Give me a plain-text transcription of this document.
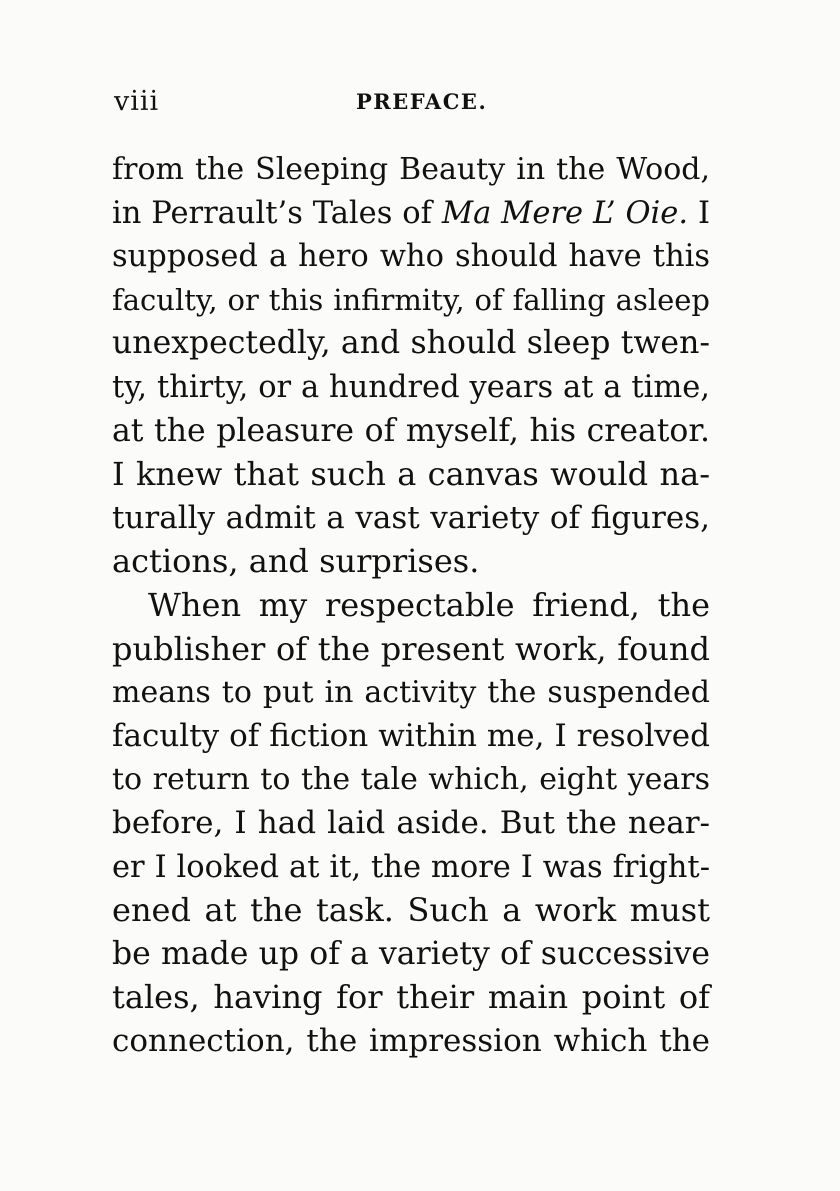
viii	PREFACE.
from the Sleeping Beauty in the Wood,
in Perrault’s Tales of Ma Mere L’ Oie. I
supposed a hero who should have this
faculty, or this infirmity, of falling asleep
unexpectedly, and should sleep twen-
ty, thirty, or a hundred years at a time,
at the pleasure of myself, his creator.
I knew that such a canvas would na-
turally admit a vast variety of figures,
actions, and surprises.
When my respectable friend, the
publisher of the present work, found
means to put in activity the suspended
faculty of fiction within me, I resolved
to return to the tale which, eight years
before, I had laid aside. But the near-
er I looked at it, the more I was fright-
ened at the task. Such a work must
be made up of a variety of successive
tales, having for their main point of
connection, the impression which the
